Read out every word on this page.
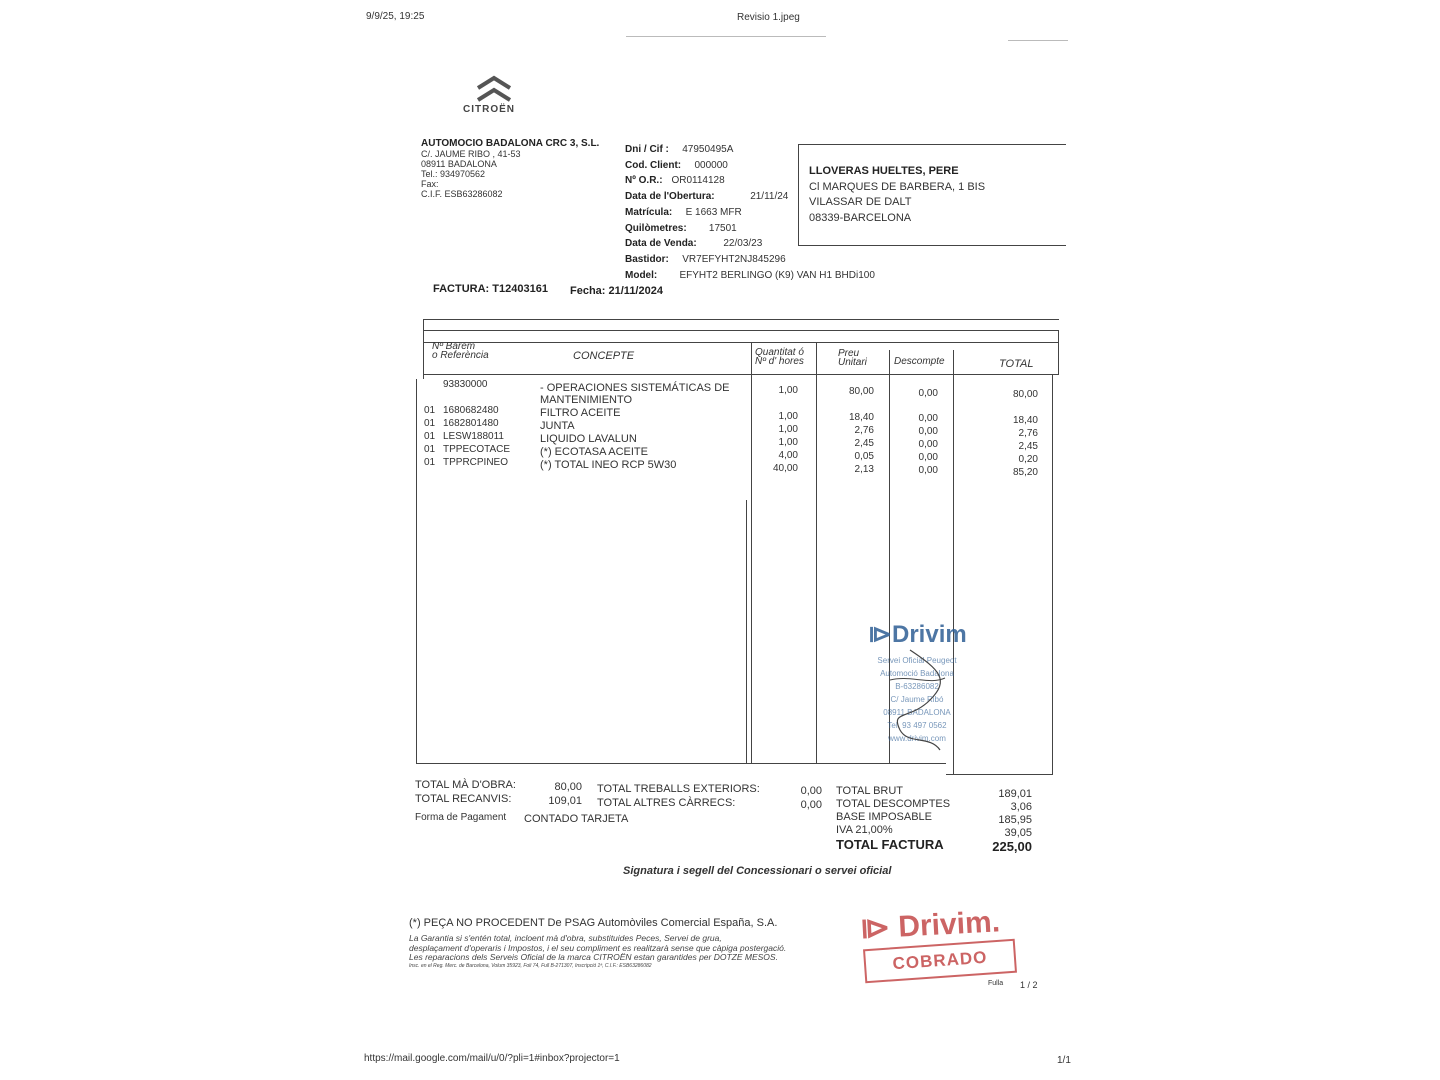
9/9/25, 19:25	Revisio 1.jpeg
https://mail.google.com/mail/u/0/?pli=1#inbox?projector=1	1/1
CITROËN
AUTOMOCIO BADALONA CRC 3, S.L.
C/. JAUME RIBO , 41-53
08911 BADALONA
Tel.: 934970562
Fax:
C.I.F. ESB63286082
Dni / Cif : 47950495A
Cod. Client: 000000
Nº O.R.: OR0114128
Data de l'Obertura:	21/11/24
Matrícula: E 1663 MFR
Quilòmetres: 17501
Data de Venda:	22/03/23
Bastidor: VR7EFYHT2NJ845296
Model: EFYHT2 BERLINGO (K9) VAN H1 BHDi100
LLOVERAS HUELTES, PERE
Cl MARQUES DE BARBERA, 1 BIS
VILASSAR DE DALT
08339-BARCELONA
FACTURA: T12403161 Fecha: 21/11/2024
Nº Barem
o Referència	CONCEPTE	Quantitat ó
Nº d' hores
Preu
Unitari	Descompte	TOTAL
93830000	- OPERACIONES SISTEMÁTICAS DE	1,00	80,00	0,00	80,00
MANTENIMIENTO
01 1680682480	FILTRO ACEITE	1,00	18,40	0,00	18,40
01 1682801480	JUNTA	1,00	2,76	0,00	2,76
01 LESW188011	LIQUIDO LAVALUN	1,00	2,45	0,00	2,45
01 TPPECOTACE	(*) ECOTASA ACEITE	4,00	0,05	0,00	0,20
01 TPPRCPINEO	(*) TOTAL INEO RCP 5W30	40,00	2,13	0,00	85,20
⧐Drivim
Servei Oficial Peugeot
Automoció Badalona
B-63286082
C/ Jaume Ribó
08911 BADALONA
Tel. 93 497 0562
www.drivim.com
TOTAL MÀ D'OBRA:	80,00
TOTAL RECANVIS:	109,01
TOTAL TREBALLS EXTERIORS:	0,00
TOTAL ALTRES CÀRRECS:	0,00
Forma de Pagament CONTADO TARJETA
TOTAL BRUT	189,01
TOTAL DESCOMPTES	3,06
BASE IMPOSABLE	185,95
IVA 21,00%	39,05
TOTAL FACTURA	225,00
Signatura i segell del Concessionari o servei oficial
(*) PEÇA NO PROCEDENT De PSAG Automòviles Comercial España, S.A.
La Garantia si s'entén total, incloent mà d'obra, substituides Peces, Servei de grua,
desplaçament d'operaris i Impostos, i el seu compliment es realitzarà sense que càpiga postergació.
Les reparacions dels Serveis Oficial de la marca CITROËN estan garantides per DOTZE MESOS.
Insc. en el Reg. Merc. de Barcelona, Volum 35923, Foli 74, Full B-271307, Inscripció 1ª, C.I.F.: ESB63286082
⧐ Drivim.
COBRADO
Fulla 1 / 2
